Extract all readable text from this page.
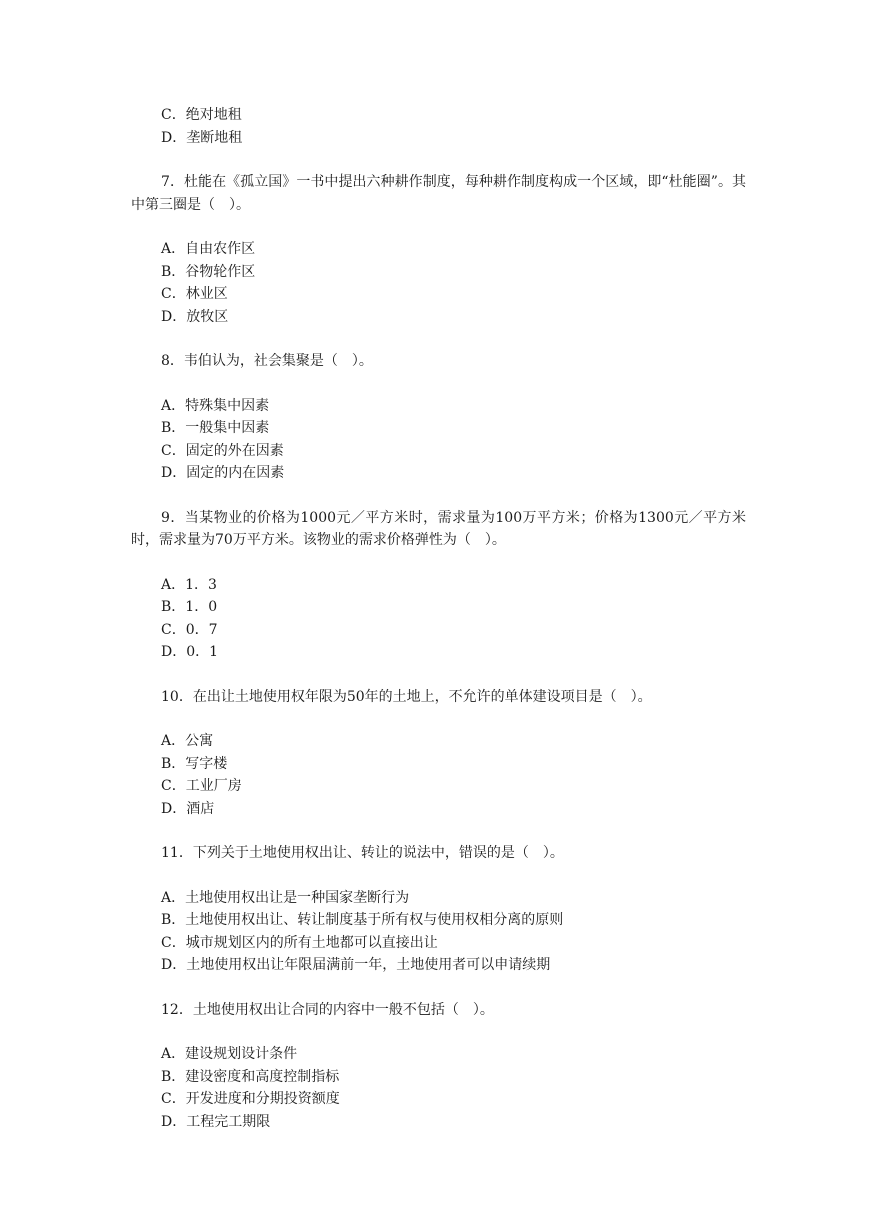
C．绝对地租

D．垄断地租

7．杜能在《孤立国》一书中提出六种耕作制度，每种耕作制度构成一个区域，即“杜能圈”。其中第三圈是（　）。

A．自由农作区

B．谷物轮作区

C．林业区

D．放牧区

8．韦伯认为，社会集聚是（　）。

A．特殊集中因素

B．一般集中因素

C．固定的外在因素

D．固定的内在因素

9．当某物业的价格为1000元／平方米时，需求量为100万平方米；价格为1300元／平方米时，需求量为70万平方米。该物业的需求价格弹性为（　）。

A．1．3

B．1．0

C．0．7

D．0．1

10．在出让土地使用权年限为50年的土地上，不允许的单体建设项目是（　）。

A．公寓

B．写字楼

C．工业厂房

D．酒店

11．下列关于土地使用权出让、转让的说法中，错误的是（　）。

A．土地使用权出让是一种国家垄断行为

B．土地使用权出让、转让制度基于所有权与使用权相分离的原则

C．城市规划区内的所有土地都可以直接出让

D．土地使用权出让年限届满前一年，土地使用者可以申请续期

12．土地使用权出让合同的内容中一般不包括（　）。

A．建设规划设计条件

B．建设密度和高度控制指标

C．开发进度和分期投资额度

D．工程完工期限
